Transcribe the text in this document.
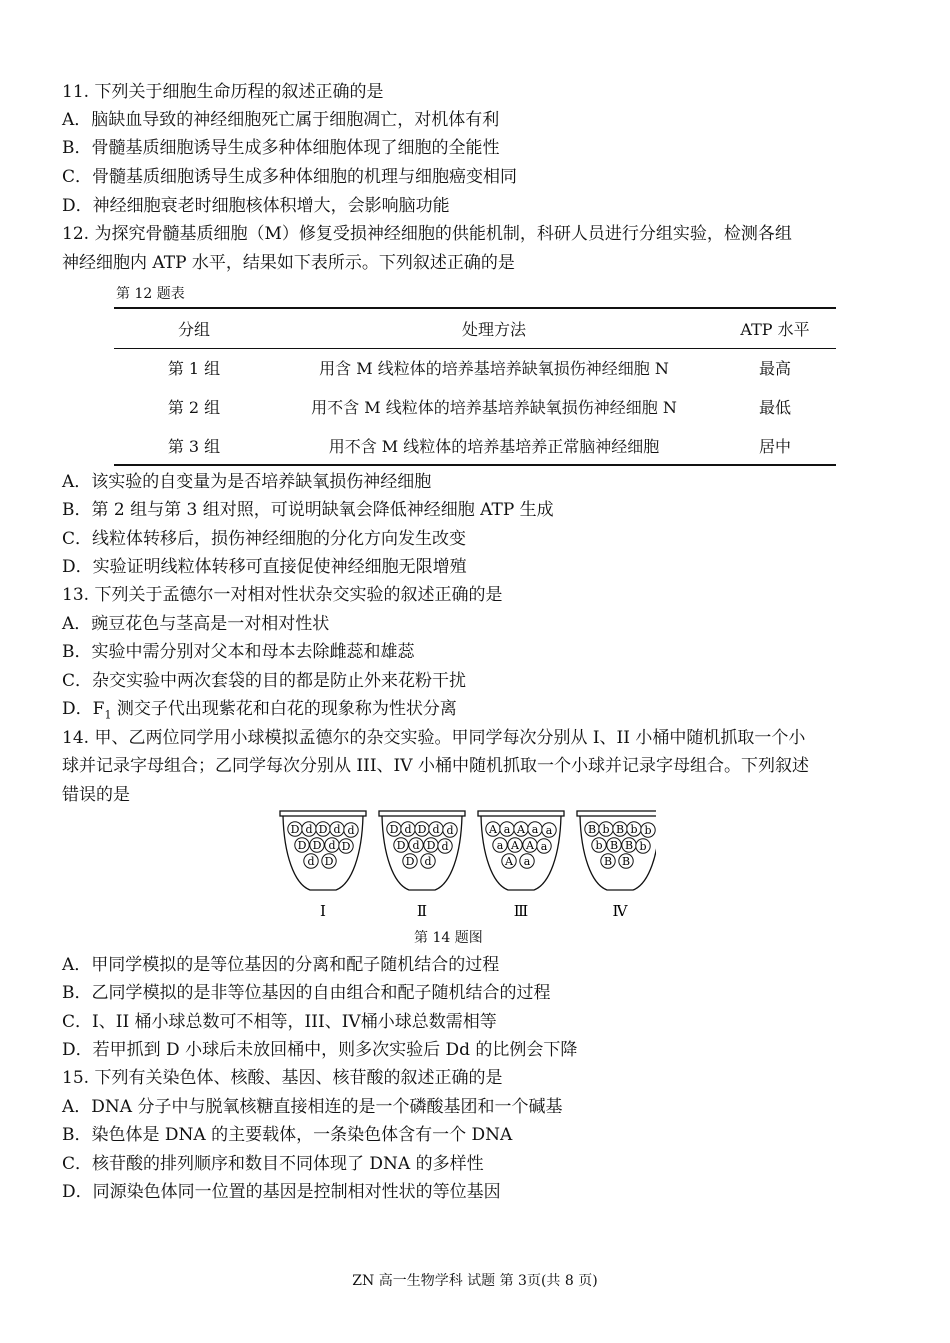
11. 下列关于细胞生命历程的叙述正确的是
A．脑缺血导致的神经细胞死亡属于细胞凋亡，对机体有利
B．骨髓基质细胞诱导生成多种体细胞体现了细胞的全能性
C．骨髓基质细胞诱导生成多种体细胞的机理与细胞癌变相同
D．神经细胞衰老时细胞核体积增大，会影响脑功能
12. 为探究骨髓基质细胞（M）修复受损神经细胞的供能机制，科研人员进行分组实验，检测各组
神经细胞内 ATP 水平，结果如下表所示。下列叙述正确的是
第 12 题表
分组	处理方法	ATP 水平
第 1 组	用含 M 线粒体的培养基培养缺氧损伤神经细胞 N	最高
第 2 组	用不含 M 线粒体的培养基培养缺氧损伤神经细胞 N	最低
第 3 组	用不含 M 线粒体的培养基培养正常脑神经细胞	居中
A．该实验的自变量为是否培养缺氧损伤神经细胞
B．第 2 组与第 3 组对照，可说明缺氧会降低神经细胞 ATP 生成
C．线粒体转移后，损伤神经细胞的分化方向发生改变
D．实验证明线粒体转移可直接促使神经细胞无限增殖
13. 下列关于孟德尔一对相对性状杂交实验的叙述正确的是
A．豌豆花色与茎高是一对相对性状
B．实验中需分别对父本和母本去除雌蕊和雄蕊
C．杂交实验中两次套袋的目的都是防止外来花粉干扰
D．$F_1$ 测交子代出现紫花和白花的现象称为性状分离
14. 甲、乙两位同学用小球模拟孟德尔的杂交实验。甲同学每次分别从 I、II 小桶中随机抓取一个小
球并记录字母组合；乙同学每次分别从 III、IV 小桶中随机抓取一个小球并记录字母组合。下列叙述
错误的是
D d D d d
D D d D
d D
Ⅰ
D d D d d
D d D d
D d
Ⅱ
A a A a a
a A A a
A a
Ⅲ
B b B b b
b B B b
B B
Ⅳ
第 14 题图
A．甲同学模拟的是等位基因的分离和配子随机结合的过程
B．乙同学模拟的是非等位基因的自由组合和配子随机结合的过程
C．I、II 桶小球总数可不相等，III、IV桶小球总数需相等
D．若甲抓到 D 小球后未放回桶中，则多次实验后 Dd 的比例会下降
15. 下列有关染色体、核酸、基因、核苷酸的叙述正确的是
A．DNA 分子中与脱氧核糖直接相连的是一个磷酸基团和一个碱基
B．染色体是 DNA 的主要载体，一条染色体含有一个 DNA
C．核苷酸的排列顺序和数目不同体现了 DNA 的多样性
D．同源染色体同一位置的基因是控制相对性状的等位基因
ZN 高一生物学科 试题 第 3页(共 8 页)
